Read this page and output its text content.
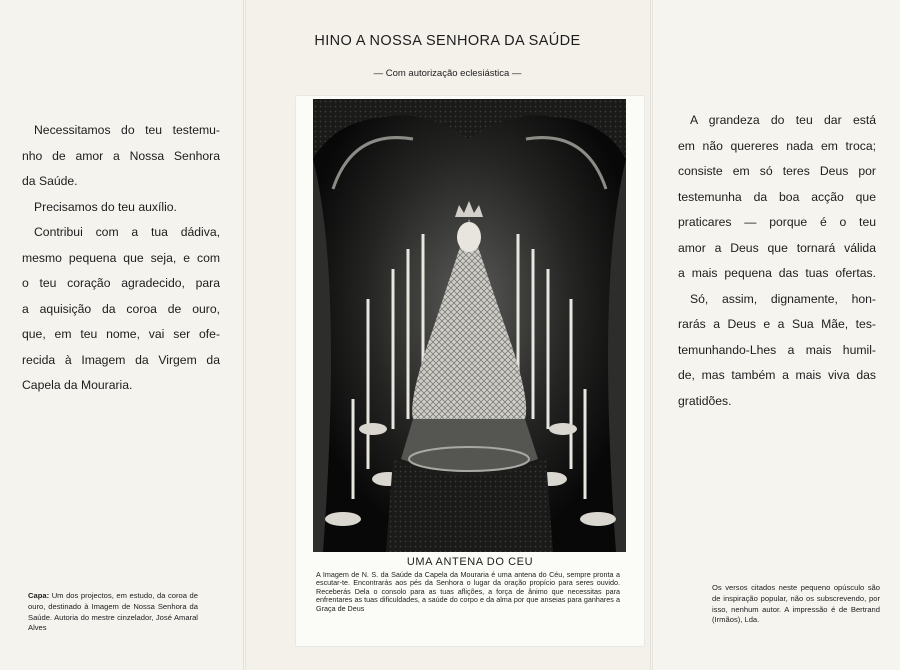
Necessitamos do teu testemu-
nho de amor a Nossa Senhora
da Saúde.
Precisamos do teu auxílio.
Contribui com a tua dádiva,
mesmo pequena que seja, e com
o teu coração agradecido, para
a aquisição da coroa de ouro,
que, em teu nome, vai ser ofe-
recida à Imagem da Virgem da
Capela da Mouraria.
Capa: Um dos projectos, em estudo, da coroa de ouro, destinado à Imagem de Nossa Senhora da Saúde. Autoria do mestre cinzelador, José Amaral Alves
HINO A NOSSA SENHORA DA SAÚDE
— Com autorização eclesiástica —
UMA ANTENA DO CEU
A Imagem de N. S. da Saúde da Capela da Mouraria é uma antena do Céu, sempre pronta a escutar-te. Encontrarás aos pés da Senhora o lugar da oração propício para seres ouvido. Receberás Dela o consolo para as tuas aflições, a força de ânimo que necessitas para enfrentares as tuas dificuldades, a saúde do corpo e da alma por que anseias para ganhares a Graça de Deus
A grandeza do teu dar está
em não quereres nada em troca;
consiste em só teres Deus por
testemunha da boa acção que
praticares — porque é o teu
amor a Deus que tornará válida
a mais pequena das tuas ofertas.
Só, assim, dignamente, hon-
rarás a Deus e a Sua Mãe, tes-
temunhando-Lhes a mais humil-
de, mas também a mais viva das
gratidões.
Os versos citados neste pequeno opúsculo são de inspiração popular, não os subscrevendo, por isso, nenhum autor. A impressão é de Bertrand (Irmãos), Lda.
